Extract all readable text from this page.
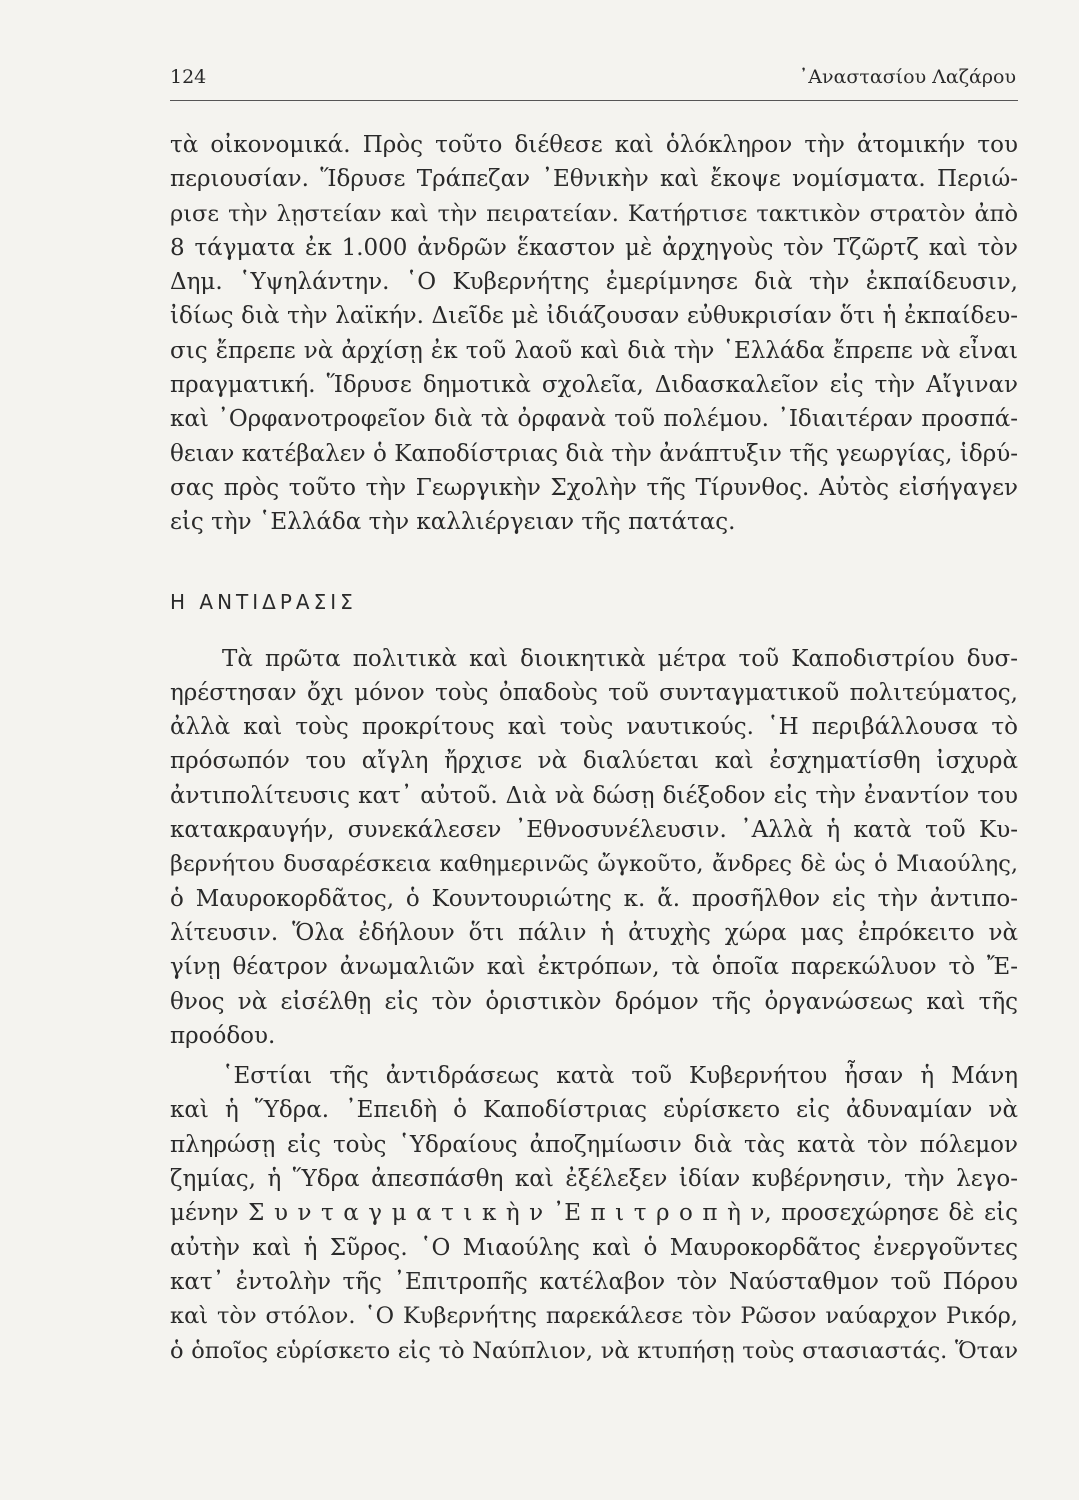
124	᾽Αναστασίου Λαζάρου
τὰ οἰκονομικά. Πρὸς τοῦτο διέθεσε καὶ ὁλόκληρον τὴν ἀτομικήν του
περιουσίαν. Ἵδρυσε Τράπεζαν ᾽Εθνικὴν καὶ ἔκοψε νομίσματα. Περιώ-
ρισε τὴν λῃστείαν καὶ τὴν πειρατείαν. Κατήρτισε τακτικὸν στρατὸν ἀπὸ
8 τάγματα ἐκ 1.000 ἀνδρῶν ἕκαστον μὲ ἀρχηγοὺς τὸν Τζῶρτζ καὶ τὸν
Δημ. ῾Υψηλάντην. ῾Ο Κυβερνήτης ἐμερίμνησε διὰ τὴν ἐκπαίδευσιν,
ἰδίως διὰ τὴν λαϊκήν. Διεῖδε μὲ ἰδιάζουσαν εὐθυκρισίαν ὅτι ἡ ἐκπαίδευ-
σις ἔπρεπε νὰ ἀρχίσῃ ἐκ τοῦ λαοῦ καὶ διὰ τὴν ῾Ελλάδα ἔπρεπε νὰ εἶναι
πραγματική. Ἵδρυσε δημοτικὰ σχολεῖα, Διδασκαλεῖον εἰς τὴν Αἴγιναν
καὶ ᾽Ορφανοτροφεῖον διὰ τὰ ὀρφανὰ τοῦ πολέμου. ᾽Ιδιαιτέραν προσπά-
θειαν κατέβαλεν ὁ Καποδίστριας διὰ τὴν ἀνάπτυξιν τῆς γεωργίας, ἱδρύ-
σας πρὸς τοῦτο τὴν Γεωργικὴν Σχολὴν τῆς Τίρυνθος. Αὐτὸς εἰσήγαγεν
εἰς τὴν ῾Ελλάδα τὴν καλλιέργειαν τῆς πατάτας.
Η ΑΝΤΙΔΡΑΣΙΣ
Τὰ πρῶτα πολιτικὰ καὶ διοικητικὰ μέτρα τοῦ Καποδιστρίου δυσ-
ηρέστησαν ὄχι μόνον τοὺς ὀπαδοὺς τοῦ συνταγματικοῦ πολιτεύματος,
ἀλλὰ καὶ τοὺς προκρίτους καὶ τοὺς ναυτικούς. ῾Η περιβάλλουσα τὸ
πρόσωπόν του αἴγλη ἤρχισε νὰ διαλύεται καὶ ἐσχηματίσθη ἰσχυρὰ
ἀντιπολίτευσις κατ᾽ αὐτοῦ. Διὰ νὰ δώσῃ διέξοδον εἰς τὴν ἐναντίον του
κατακραυγήν, συνεκάλεσεν ᾽Εθνοσυνέλευσιν. ᾽Αλλὰ ἡ κατὰ τοῦ Κυ-
βερνήτου δυσαρέσκεια καθημερινῶς ὤγκοῦτο, ἄνδρες δὲ ὡς ὁ Μιαούλης,
ὁ Μαυροκορδᾶτος, ὁ Κουντουριώτης κ. ἄ. προσῆλθον εἰς τὴν ἀντιπο-
λίτευσιν. Ὅλα ἐδήλουν ὅτι πάλιν ἡ ἀτυχὴς χώρα μας ἐπρόκειτο νὰ
γίνῃ θέατρον ἀνωμαλιῶν καὶ ἐκτρόπων, τὰ ὁποῖα παρεκώλυον τὸ Ἔ-
θνος νὰ εἰσέλθῃ εἰς τὸν ὁριστικὸν δρόμον τῆς ὀργανώσεως καὶ τῆς
προόδου.
῾Εστίαι τῆς ἀντιδράσεως κατὰ τοῦ Κυβερνήτου ἦσαν ἡ Μάνη
καὶ ἡ Ὕδρα. ᾽Επειδὴ ὁ Καποδίστριας εὑρίσκετο εἰς ἀδυναμίαν νὰ
πληρώσῃ εἰς τοὺς ῾Υδραίους ἀποζημίωσιν διὰ τὰς κατὰ τὸν πόλεμον
ζημίας, ἡ Ὕδρα ἀπεσπάσθη καὶ ἐξέλεξεν ἰδίαν κυβέρνησιν, τὴν λεγο-
μένην Σ υ ν τ α γ μ α τ ι κ ὴ ν ᾽Ε π ι τ ρ ο π ὴ ν, προσεχώρησε δὲ εἰς
αὐτὴν καὶ ἡ Σῦρος. ῾Ο Μιαούλης καὶ ὁ Μαυροκορδᾶτος ἐνεργοῦντες
κατ᾽ ἐντολὴν τῆς ᾽Επιτροπῆς κατέλαβον τὸν Ναύσταθμον τοῦ Πόρου
καὶ τὸν στόλον. ῾Ο Κυβερνήτης παρεκάλεσε τὸν Ρῶσον ναύαρχον Ρικόρ,
ὁ ὁποῖος εὑρίσκετο εἰς τὸ Ναύπλιον, νὰ κτυπήσῃ τοὺς στασιαστάς. Ὅταν
